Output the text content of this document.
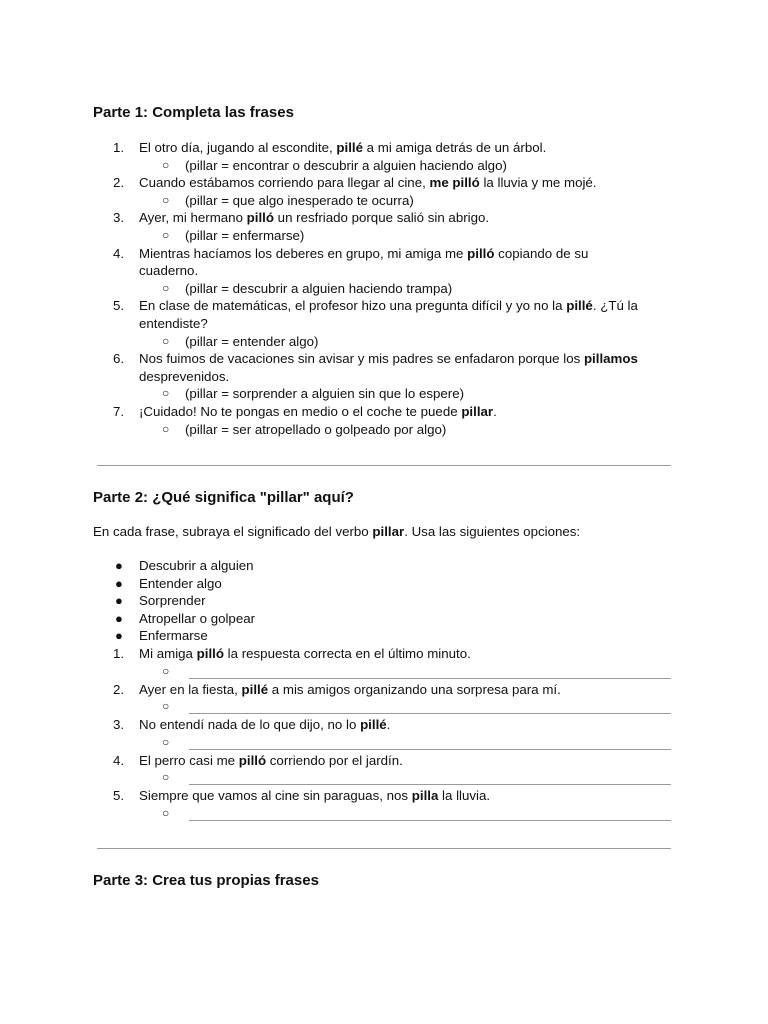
Parte 1: Completa las frases
1. El otro día, jugando al escondite, pillé a mi amiga detrás de un árbol.
○ (pillar = encontrar o descubrir a alguien haciendo algo)
2. Cuando estábamos corriendo para llegar al cine, me pilló la lluvia y me mojé.
○ (pillar = que algo inesperado te ocurra)
3. Ayer, mi hermano pilló un resfriado porque salió sin abrigo.
○ (pillar = enfermarse)
4. Mientras hacíamos los deberes en grupo, mi amiga me pilló copiando de su
cuaderno.
○ (pillar = descubrir a alguien haciendo trampa)
5. En clase de matemáticas, el profesor hizo una pregunta difícil y yo no la pillé. ¿Tú la
entendiste?
○ (pillar = entender algo)
6. Nos fuimos de vacaciones sin avisar y mis padres se enfadaron porque los pillamos
desprevenidos.
○ (pillar = sorprender a alguien sin que lo espere)
7. ¡Cuidado! No te pongas en medio o el coche te puede pillar.
○ (pillar = ser atropellado o golpeado por algo)
Parte 2: ¿Qué significa "pillar" aquí?
En cada frase, subraya el significado del verbo pillar. Usa las siguientes opciones:
● Descubrir a alguien
● Entender algo
● Sorprender
● Atropellar o golpear
● Enfermarse
1. Mi amiga pilló la respuesta correcta en el último minuto.
○
2. Ayer en la fiesta, pillé a mis amigos organizando una sorpresa para mí.
○
3. No entendí nada de lo que dijo, no lo pillé.
○
4. El perro casi me pilló corriendo por el jardín.
○
5. Siempre que vamos al cine sin paraguas, nos pilla la lluvia.
○
Parte 3: Crea tus propias frases
